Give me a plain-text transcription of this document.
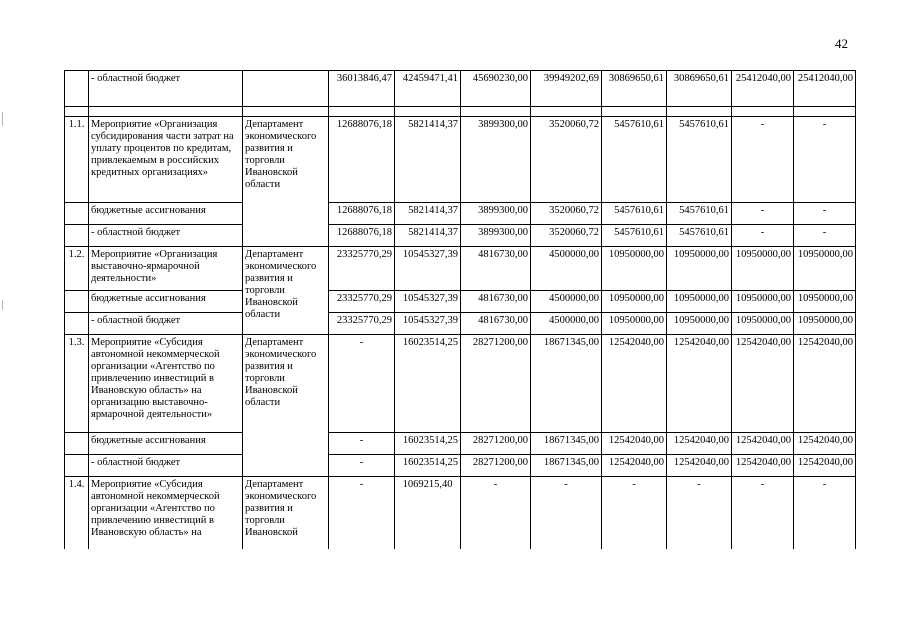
42
	- областной бюджет		36013846,47	42459471,41	45690230,00	39949202,69	30869650,61	30869650,61	25412040,00	25412040,00

1.1.	Мероприятие «Организация субсидирования части затрат на уплату процентов по кредитам, привлекаемым в российских кредитных организациях»	Департамент экономического развития и торговли Ивановской области	12688076,18	5821414,37	3899300,00	3520060,72	5457610,61	5457610,61	-	-
	бюджетные ассигнования		12688076,18	5821414,37	3899300,00	3520060,72	5457610,61	5457610,61	-	-
	- областной бюджет		12688076,18	5821414,37	3899300,00	3520060,72	5457610,61	5457610,61	-	-
1.2.	Мероприятие «Организация выставочно-ярмарочной деятельности»	Департамент экономического развития и торговли Ивановской области	23325770,29	10545327,39	4816730,00	4500000,00	10950000,00	10950000,00	10950000,00	10950000,00
	бюджетные ассигнования		23325770,29	10545327,39	4816730,00	4500000,00	10950000,00	10950000,00	10950000,00	10950000,00
	- областной бюджет		23325770,29	10545327,39	4816730,00	4500000,00	10950000,00	10950000,00	10950000,00	10950000,00
1.3.	Мероприятие «Субсидия автономной некоммерческой организации «Агентство по привлечению инвестиций в Ивановскую область» на организацию выставочно-ярмарочной деятельности»	Департамент экономического развития и торговли Ивановской области	-	16023514,25	28271200,00	18671345,00	12542040,00	12542040,00	12542040,00	12542040,00
	бюджетные ассигнования		-	16023514,25	28271200,00	18671345,00	12542040,00	12542040,00	12542040,00	12542040,00
	- областной бюджет		-	16023514,25	28271200,00	18671345,00	12542040,00	12542040,00	12542040,00	12542040,00
1.4.	Мероприятие «Субсидия автономной некоммерческой организации «Агентство по привлечению инвестиций в Ивановскую область» на	Департамент экономического развития и торговли Ивановской	-	1069215,40	-	-	-	-	-	-
